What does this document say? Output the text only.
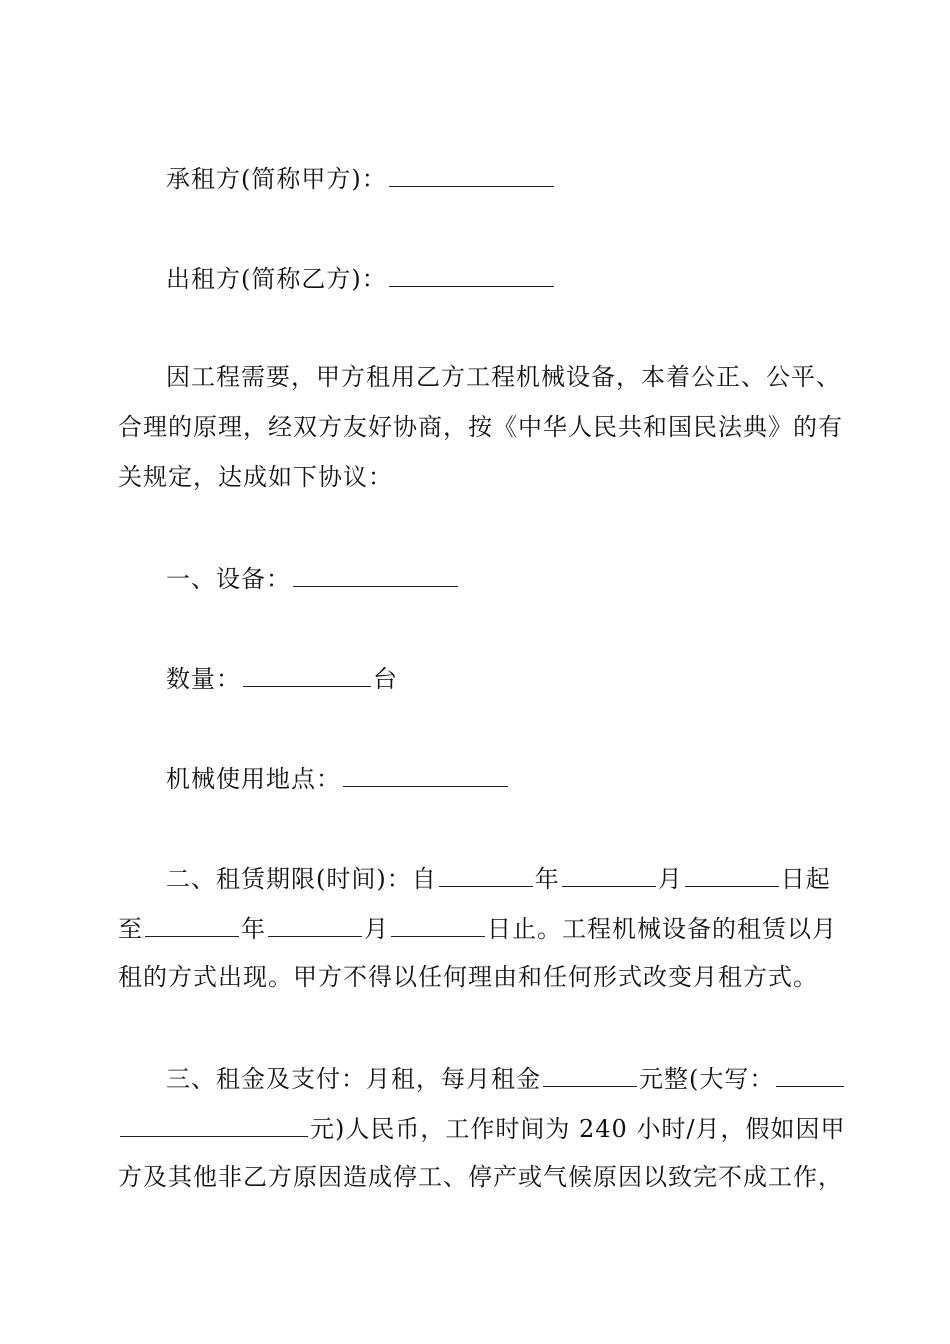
承租方(简称甲方)：
出租方(简称乙方)：
因工程需要，甲方租用乙方工程机械设备，本着公正、公平、
合理的原理，经双方友好协商，按《中华人民共和国民法典》的有
关规定，达成如下协议：
一、设备：
数量：	台
机械使用地点：
二、租赁期限(时间)：自	年	月	日起
至	年	月	日止。工程机械设备的租赁以月
租的方式出现。甲方不得以任何理由和任何形式改变月租方式。
三、租金及支付：月租，每月租金	元整(大写：
元)人民币，工作时间为 240 小时/月，假如因甲
方及其他非乙方原因造成停工、停产或气候原因以致完不成工作，
